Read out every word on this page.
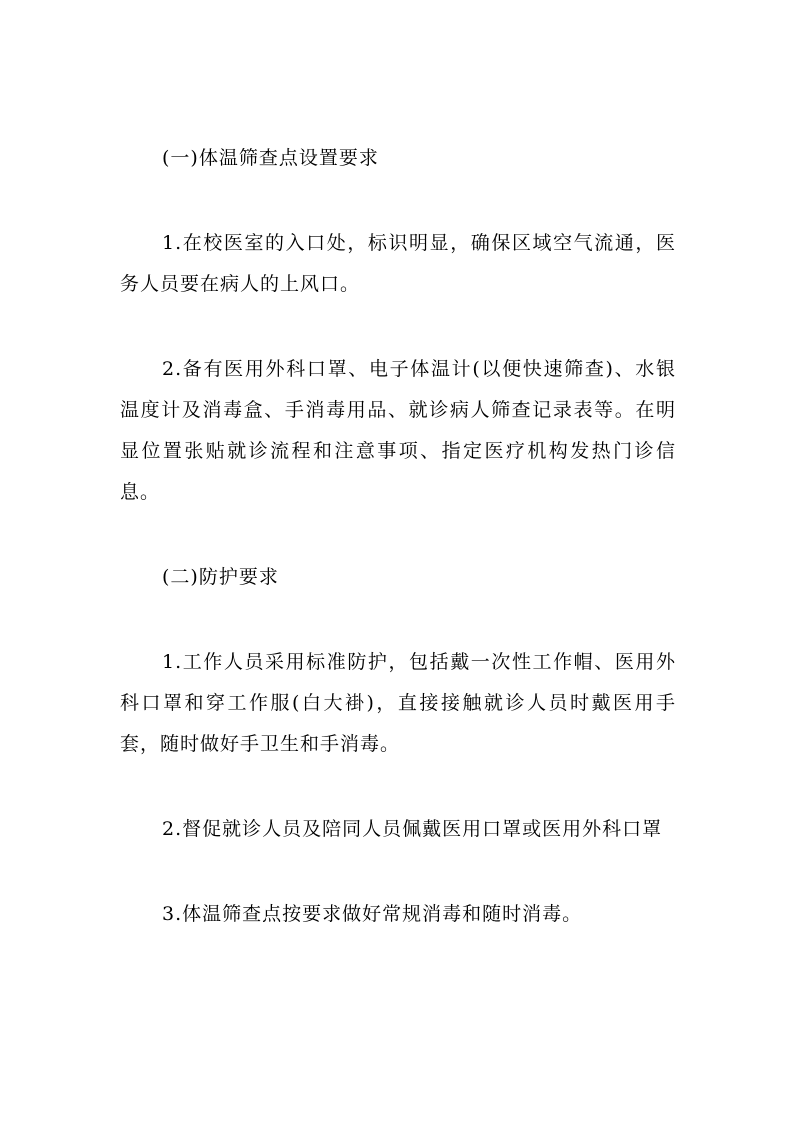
(一)体温筛查点设置要求

1.在校医室的入口处，标识明显，确保区域空气流通，医务人员要在病人的上风口。

2.备有医用外科口罩、电子体温计(以便快速筛查)、水银温度计及消毒盒、手消毒用品、就诊病人筛查记录表等。在明显位置张贴就诊流程和注意事项、指定医疗机构发热门诊信息。

(二)防护要求

1.工作人员采用标准防护，包括戴一次性工作帽、医用外科口罩和穿工作服(白大褂)，直接接触就诊人员时戴医用手套，随时做好手卫生和手消毒。

2.督促就诊人员及陪同人员佩戴医用口罩或医用外科口罩

3.体温筛查点按要求做好常规消毒和随时消毒。
